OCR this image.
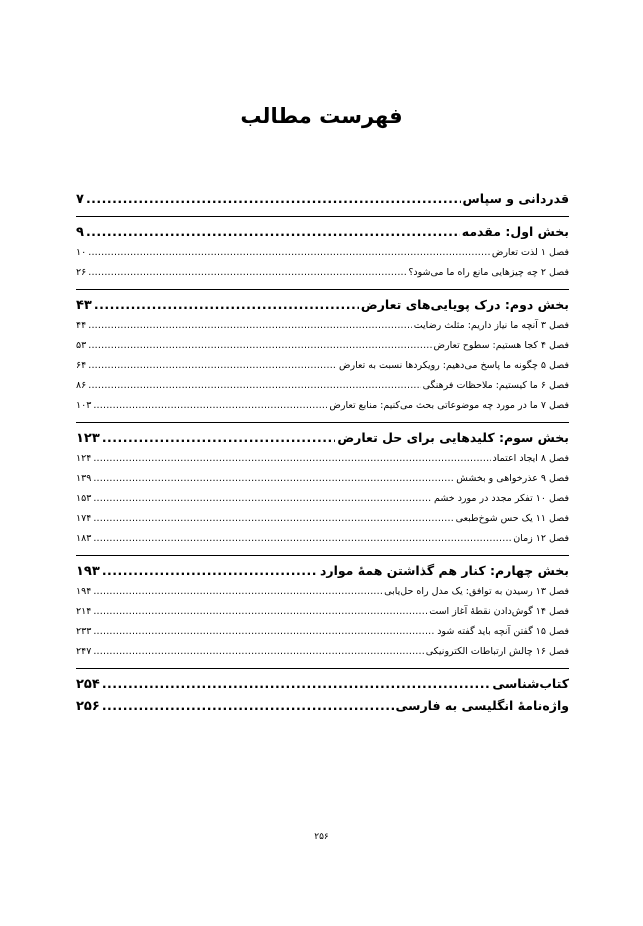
فهرست مطالب
قدردانی و سپاس
.....
۷
بخش اول: مقدمه
.....
۹
فصل ۱ لذت تعارض
.....
۱۰
فصل ۲ چه چیزهایی مانع راه ما می‌شود؟
.....
۲۶
بخش دوم: درک پویایی‌های تعارض
.....
۴۳
فصل ۳ آنچه ما نیاز داریم: مثلث رضایت
.....
۴۴
فصل ۴ کجا هستیم: سطوح تعارض
.....
۵۳
فصل ۵ چگونه ما پاسخ می‌دهیم: رویکردها نسبت به تعارض
.....
۶۴
فصل ۶ ما کیستیم: ملاحظات فرهنگی
.....
۸۶
فصل ۷ ما در مورد چه موضوعاتی بحث می‌کنیم: منابع تعارض
.....
۱۰۳
بخش سوم: کلیدهایی برای حل تعارض
.....
۱۲۳
فصل ۸ ایجاد اعتماد
.....
۱۲۴
فصل ۹ عذرخواهی و بخشش
.....
۱۳۹
فصل ۱۰ تفکر مجدد در مورد خشم
.....
۱۵۳
فصل ۱۱ یک حس شوخ‌طبعی
.....
۱۷۴
فصل ۱۲ زمان
.....
۱۸۳
بخش چهارم: کنار هم گذاشتن همهٔ موارد
.....
۱۹۳
فصل ۱۳ رسیدن به توافق: یک مدل راه حل‌یابی
.....
۱۹۴
فصل ۱۴ گوش‌دادن نقطهٔ آغاز است
.....
۲۱۴
فصل ۱۵ گفتن آنچه باید گفته شود
.....
۲۳۳
فصل ۱۶ چالش ارتباطات الکترونیکی
.....
۲۴۷
کتاب‌شناسی
.....
۲۵۴
واژه‌نامهٔ انگلیسی به فارسی
.....
۲۵۶
۲۵۶
